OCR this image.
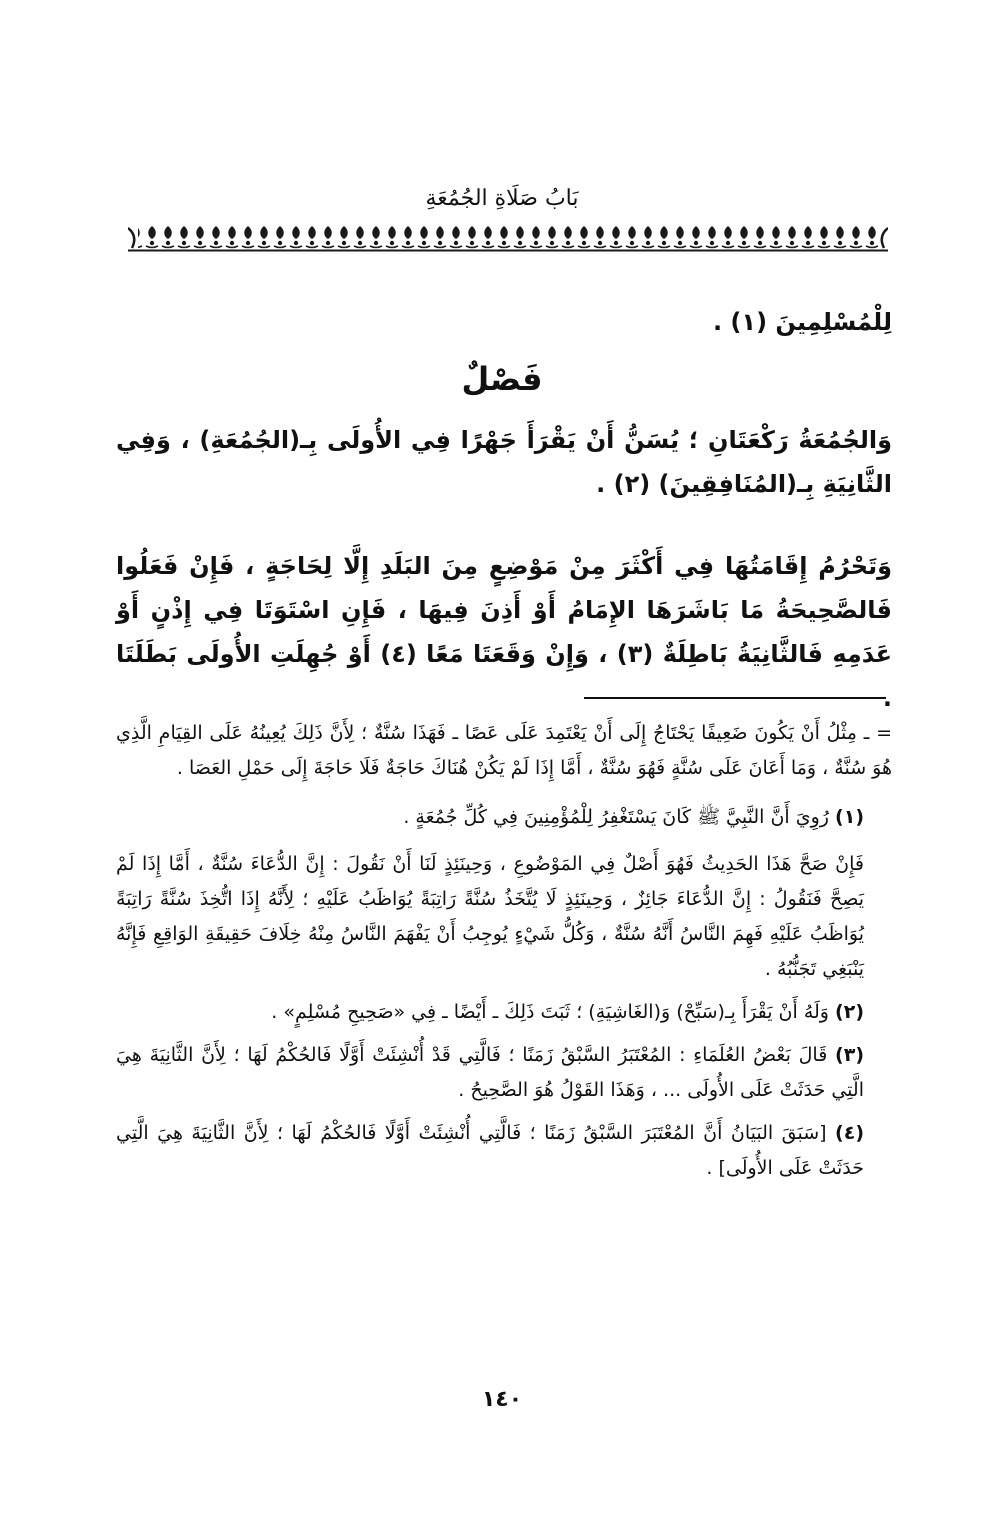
بَابُ صَلَاةِ الجُمُعَةِ

لِلْمُسْلِمِينَ (١) .

فَصْلٌ

وَالجُمُعَةُ رَكْعَتَانِ ؛ يُسَنُّ أَنْ يَقْرَأَ جَهْرًا فِي الأُولَى بِـ(الجُمُعَةِ) ، وَفِي الثَّانِيَةِ بِـ(المُنَافِقِينَ) (٢) .

وَتَحْرُمُ إِقَامَتُهَا فِي أَكْثَرَ مِنْ مَوْضِعٍ مِنَ البَلَدِ إِلَّا لِحَاجَةٍ ، فَإِنْ فَعَلُوا فَالصَّحِيحَةُ مَا بَاشَرَهَا الإِمَامُ أَوْ أَذِنَ فِيهَا ، فَإِنِ اسْتَوَتَا فِي إِذْنٍ أَوْ عَدَمِهِ فَالثَّانِيَةُ بَاطِلَةٌ (٣) ، وَإِنْ وَقَعَتَا مَعًا (٤) أَوْ جُهِلَتِ الأُولَى بَطَلَتَا .

= ـ مِثْلُ أَنْ يَكُونَ ضَعِيفًا يَحْتَاجُ إِلَى أَنْ يَعْتَمِدَ عَلَى عَصًا ـ فَهَذَا سُنَّةٌ ؛ لِأَنَّ ذَلِكَ يُعِينُهُ عَلَى القِيَامِ الَّذِي هُوَ سُنَّةٌ ، وَمَا أَعَانَ عَلَى سُنَّةٍ فَهُوَ سُنَّةٌ ، أَمَّا إِذَا لَمْ يَكُنْ هُنَاكَ حَاجَةٌ فَلَا حَاجَةَ إِلَى حَمْلِ العَصَا .

(١) رُوِيَ أَنَّ النَّبِيَّ ﷺ كَانَ يَسْتَغْفِرُ لِلْمُؤْمِنِينَ فِي كُلِّ جُمُعَةٍ .

فَإِنْ صَحَّ هَذَا الحَدِيثُ فَهُوَ أَصْلٌ فِي المَوْضُوعِ ، وَحِينَئِذٍ لَنَا أَنْ نَقُولَ : إِنَّ الدُّعَاءَ سُنَّةٌ ، أَمَّا إِذَا لَمْ يَصِحَّ فَنَقُولُ : إِنَّ الدُّعَاءَ جَائِزٌ ، وَحِينَئِذٍ لَا يُتَّخَذُ سُنَّةً رَاتِبَةً يُوَاظَبُ عَلَيْهِ ؛ لِأَنَّهُ إِذَا اتُّخِذَ سُنَّةً رَاتِبَةً يُوَاظَبُ عَلَيْهِ فَهِمَ النَّاسُ أَنَّهُ سُنَّةٌ ، وَكُلُّ شَيْءٍ يُوجِبُ أَنْ يَفْهَمَ النَّاسُ مِنْهُ خِلَافَ حَقِيقَةِ الوَاقِعِ فَإِنَّهُ يَنْبَغِي تَجَنُّبُهُ .

(٢) وَلَهُ أَنْ يَقْرَأَ بِـ(سَبِّحْ) وَ(الغَاشِيَةِ) ؛ ثَبَتَ ذَلِكَ ـ أَيْضًا ـ فِي «صَحِيحِ مُسْلِمٍ» .

(٣) قَالَ بَعْضُ العُلَمَاءِ : المُعْتَبَرُ السَّبْقُ زَمَنًا ؛ فَالَّتِي قَدْ أُنْشِئَتْ أَوَّلًا فَالحُكْمُ لَهَا ؛ لِأَنَّ الثَّانِيَةَ هِيَ الَّتِي حَدَثَتْ عَلَى الأُولَى ... ، وَهَذَا القَوْلُ هُوَ الصَّحِيحُ .

(٤) [سَبَقَ البَيَانُ أَنَّ المُعْتَبَرَ السَّبْقُ زَمَنًا ؛ فَالَّتِي أُنْشِئَتْ أَوَّلًا فَالحُكْمُ لَهَا ؛ لِأَنَّ الثَّانِيَةَ هِيَ الَّتِي حَدَثَتْ عَلَى الأُولَى] .

١٤٠
